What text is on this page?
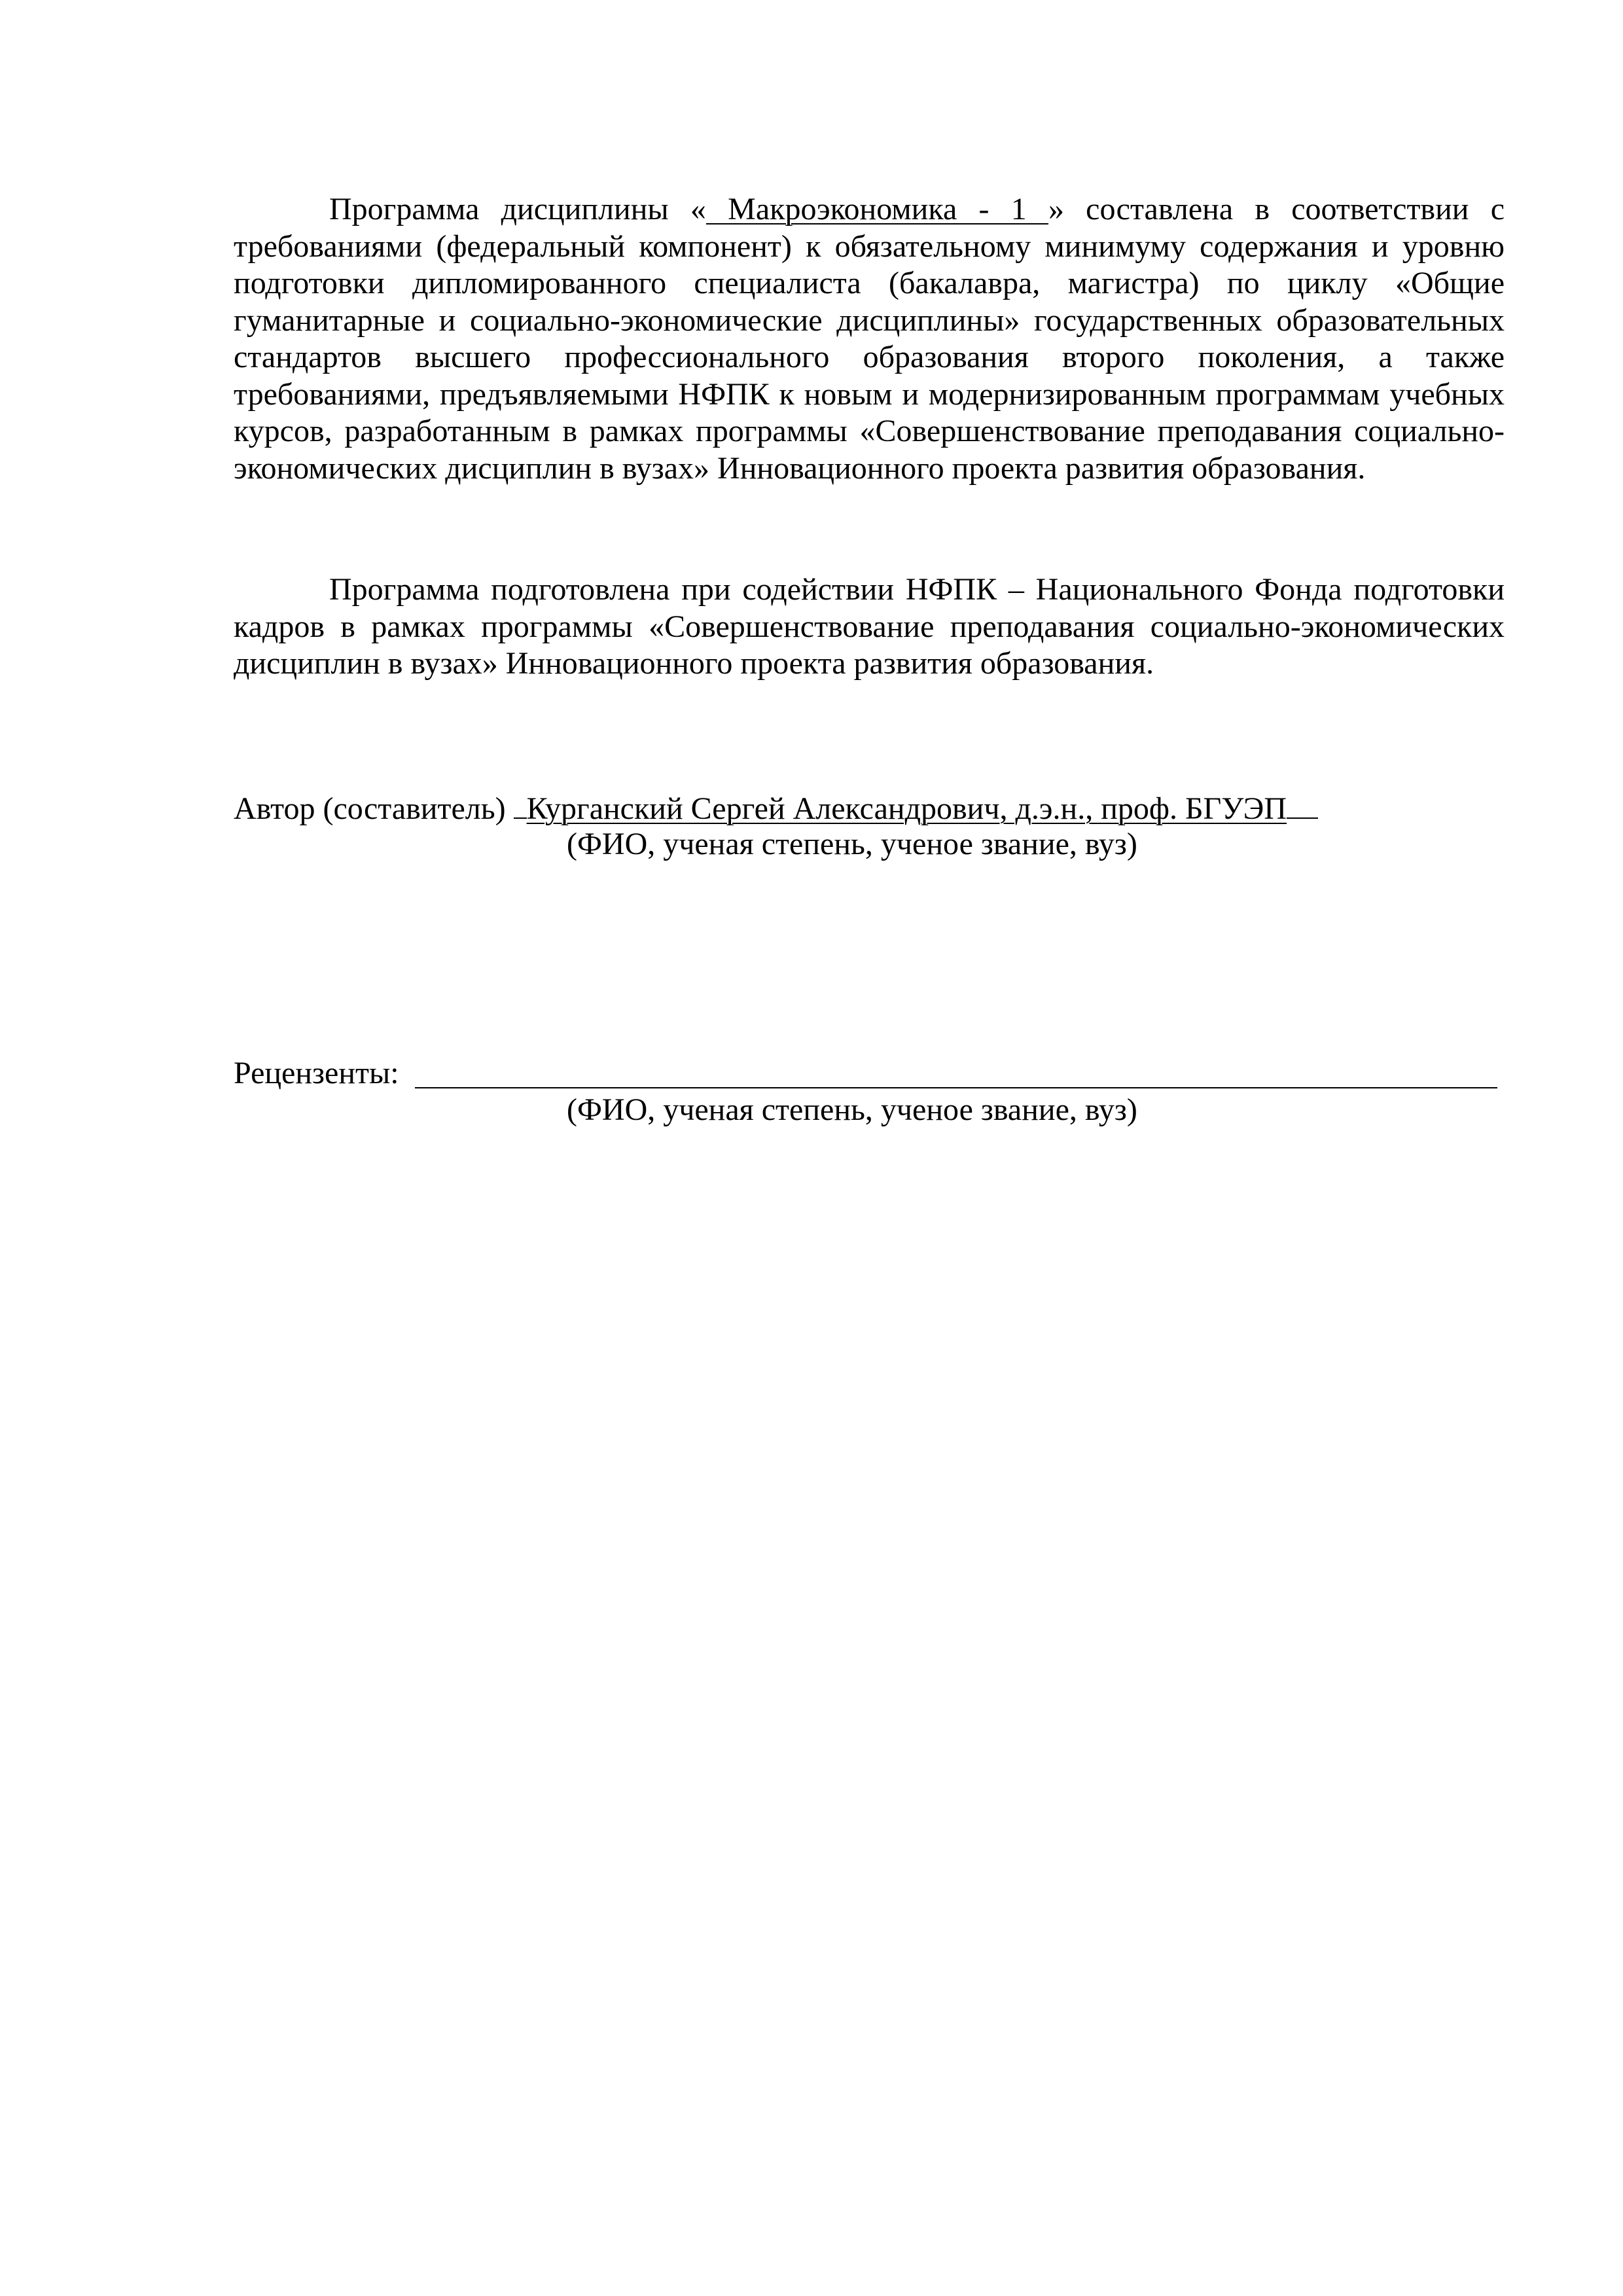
Программа дисциплины « Макроэкономика - 1 » составлена в соответствии с требованиями (федеральный компонент) к обязательному минимуму содержания и уровню подготовки дипломированного специалиста (бакалавра, магистра) по циклу «Общие гуманитарные и социально-экономические дисциплины» государственных образовательных стандартов высшего профессионального образования второго поколения, а также требованиями, предъявляемыми НФПК к новым и модернизированным программам учебных курсов, разработанным в рамках программы «Совершенствование преподавания социально-экономических дисциплин в вузах» Инновационного проекта развития образования.

Программа подготовлена при содействии НФПК – Национального Фонда подготовки кадров в рамках программы «Совершенствование преподавания социально-экономических дисциплин в вузах» Инновационного проекта развития образования.

Автор (составитель) Курганский Сергей Александрович, д.э.н., проф. БГУЭП
(ФИО, ученая степень, ученое звание, вуз)
Рецензенты:
(ФИО, ученая степень, ученое звание, вуз)
